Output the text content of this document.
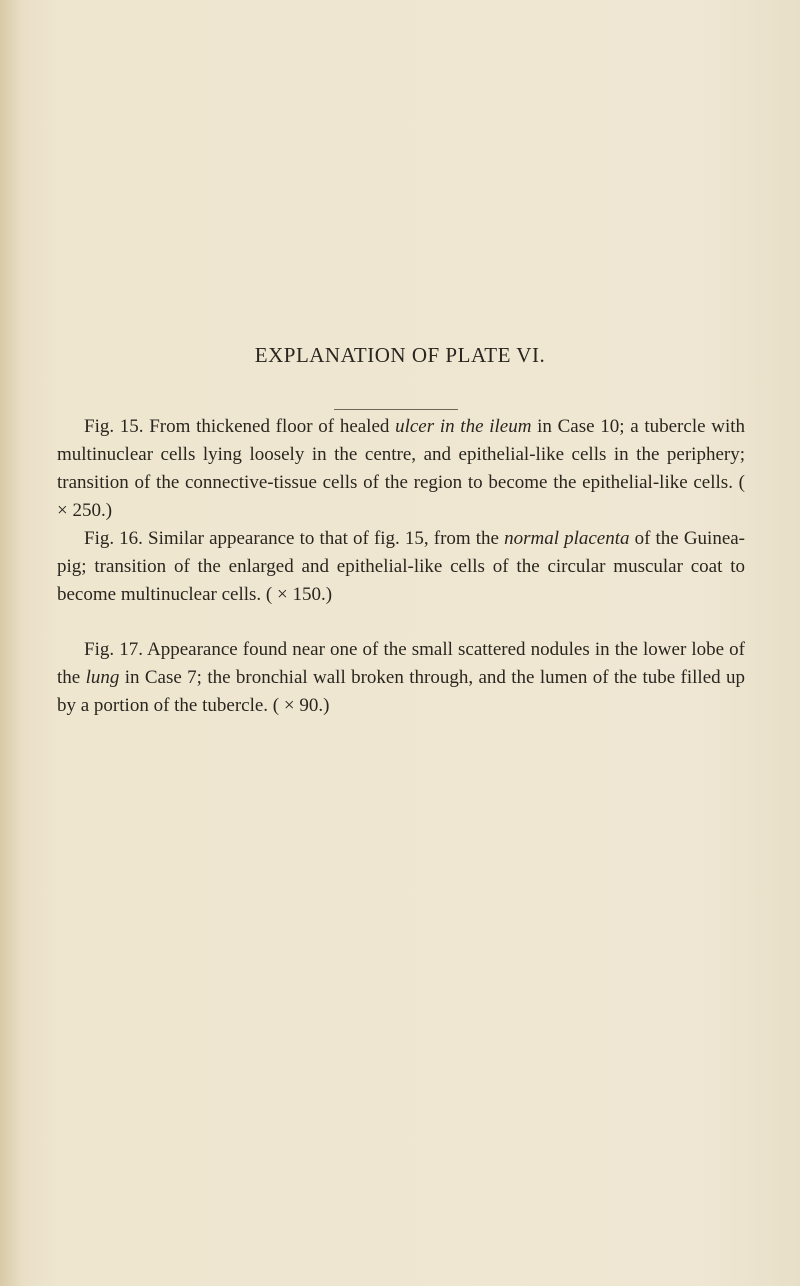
EXPLANATION OF PLATE VI.

Fig. 15. From thickened floor of healed ulcer in the ileum in Case 10; a tubercle with multinuclear cells lying loosely in the centre, and epithelial-like cells in the periphery; transition of the connective-tissue cells of the region to become the epithelial-like cells. ( × 250.)

Fig. 16. Similar appearance to that of fig. 15, from the normal placenta of the Guinea-pig; transition of the enlarged and epithelial-like cells of the circular muscular coat to become multinuclear cells. ( × 150.)

Fig. 17. Appearance found near one of the small scattered nodules in the lower lobe of the lung in Case 7; the bronchial wall broken through, and the lumen of the tube filled up by a portion of the tubercle. ( × 90.)
